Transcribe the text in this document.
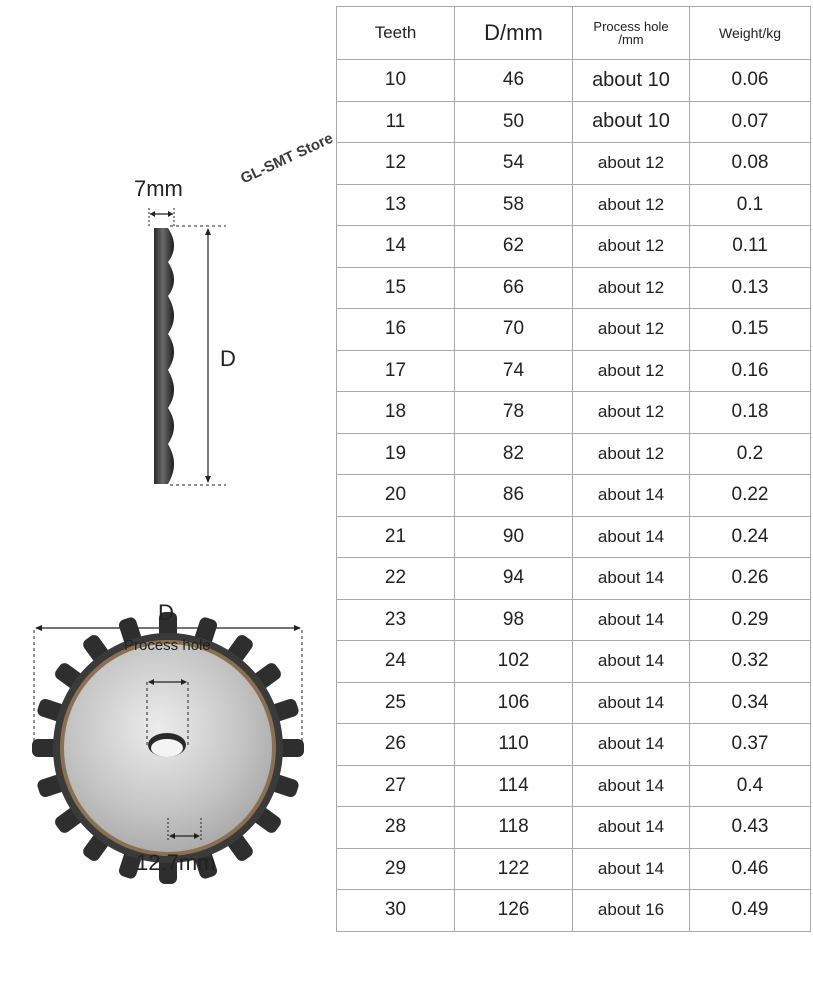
7mm
D
GL-SMT Store
D
Process hole
12.7mm
Teeth	D/mm	Process hole
/mm	Weight/kg
10	46	about 10	0.06
11	50	about 10	0.07
12	54	about 12	0.08
13	58	about 12	0.1
14	62	about 12	0.11
15	66	about 12	0.13
16	70	about 12	0.15
17	74	about 12	0.16
18	78	about 12	0.18
19	82	about 12	0.2
20	86	about 14	0.22
21	90	about 14	0.24
22	94	about 14	0.26
23	98	about 14	0.29
24	102	about 14	0.32
25	106	about 14	0.34
26	110	about 14	0.37
27	114	about 14	0.4
28	118	about 14	0.43
29	122	about 14	0.46
30	126	about 16	0.49
